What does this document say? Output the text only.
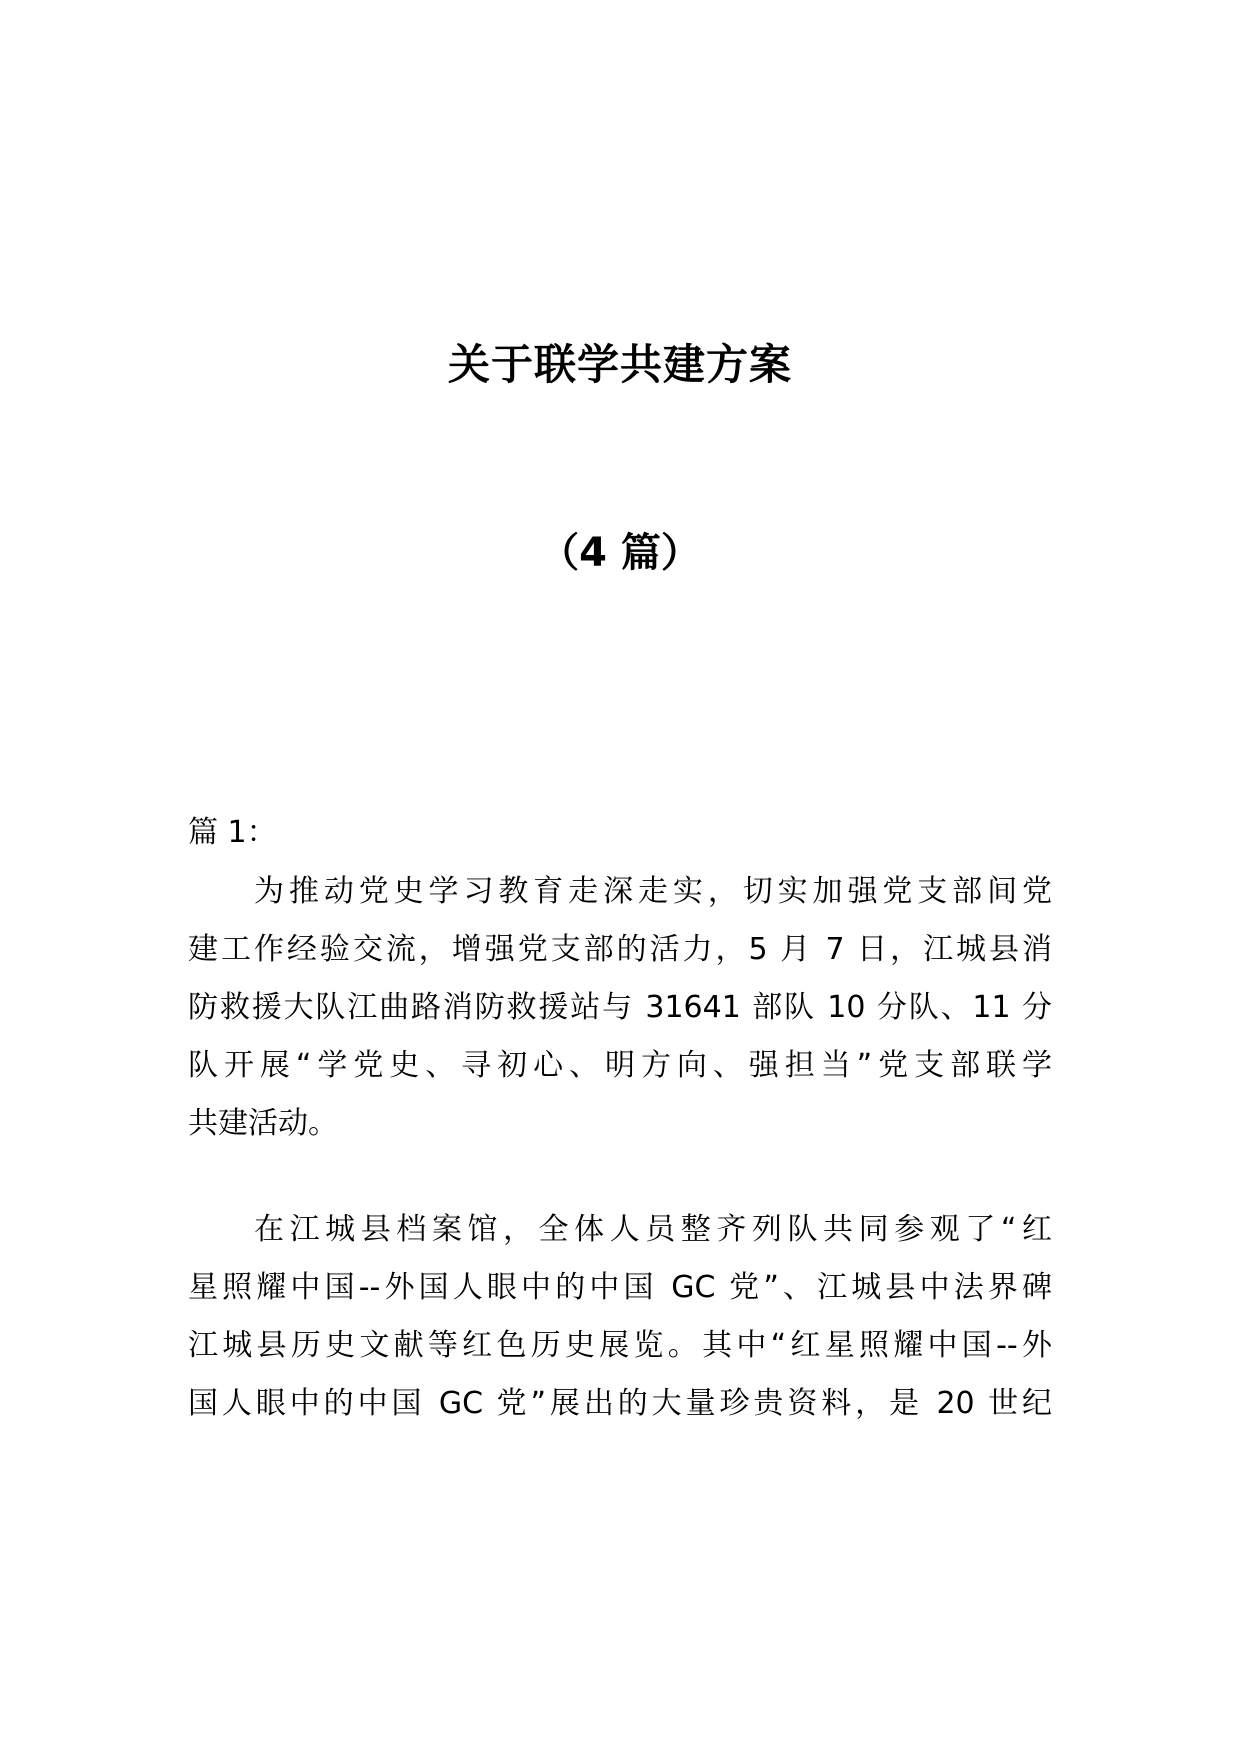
关于联学共建方案
（4 篇）
篇 1：
为推动党史学习教育走深走实，切实加强党支部间党
建工作经验交流，增强党支部的活力，5 月 7 日，江城县消
防救援大队江曲路消防救援站与 31641 部队 10 分队、11 分
队开展“学党史、寻初心、明方向、强担当”党支部联学
共建活动。
在江城县档案馆，全体人员整齐列队共同参观了“红
星照耀中国--外国人眼中的中国 GC 党”、江城县中法界碑
江城县历史文献等红色历史展览。其中“红星照耀中国--外
国人眼中的中国 GC 党”展出的大量珍贵资料，是 20 世纪
